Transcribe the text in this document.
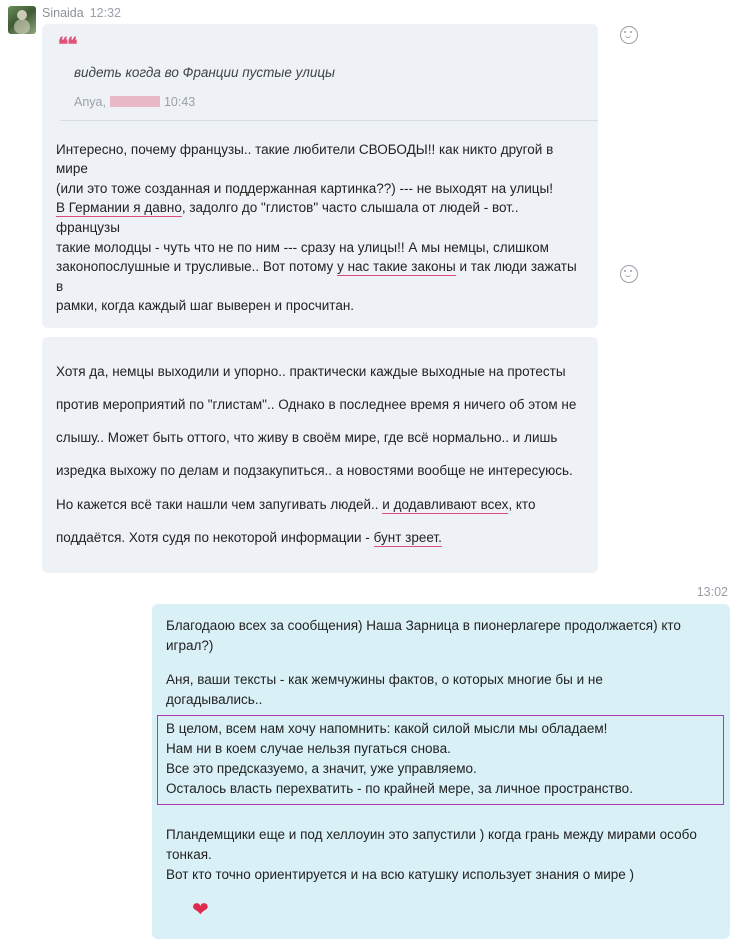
Sinaida 12:32
❝❝
видеть когда во Франции пустые улицы
Anya,	10:43

Интересно, почему французы.. такие любители СВОБОДЫ!! как никто другой в мире

(или это тоже созданная и поддержанная картинка??) --- не выходят на улицы!

В Германии я давно, задолго до "глистов" часто слышала от людей - вот.. французы

такие молодцы - чуть что не по ним --- сразу на улицы!! А мы немцы, слишком

законопослушные и трусливые.. Вот потому у нас такие законы и так люди зажаты в

рамки, когда каждый шаг выверен и просчитан.

Хотя да, немцы выходили и упорно.. практически каждые выходные на протесты

против мероприятий по "глистам".. Однако в последнее время я ничего об этом не

слышу.. Может быть оттого, что живу в своём мире, где всё нормально.. и лишь

изредка выхожу по делам и подзакупиться.. а новостями вообще не интересуюсь.

Но кажется всё таки нашли чем запугивать людей.. и додавливают всех, кто

поддаётся. Хотя судя по некоторой информации - бунт зреет.

13:02

Благодаою всех за сообщения) Наша Зарница в пионерлагере продолжается) кто

играл?)

Аня, ваши тексты - как жемчужины фактов, о которых многие бы и не

догадывались..

В целом, всем нам хочу напомнить: какой силой мысли мы обладаем!

Нам ни в коем случае нельзя пугаться снова.

Все это предсказуемо, а значит, уже управляемо.

Осталось власть перехватить - по крайней мере, за личное пространство.

Пландемщики еще и под хеллоуин это запустили ) когда грань между мирами особо

тонкая.

Вот кто точно ориентируется и на всю катушку использует знания о мире )

❤
